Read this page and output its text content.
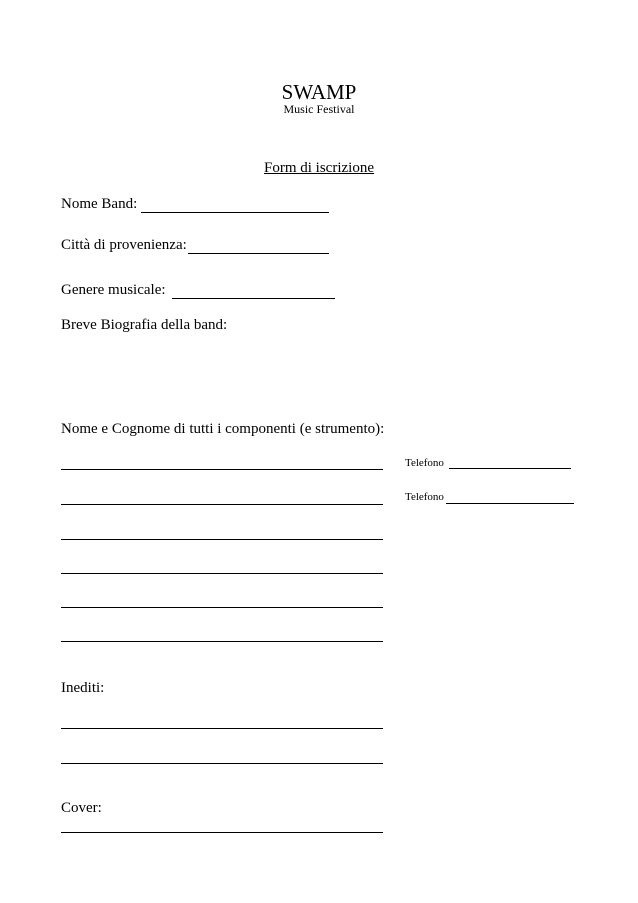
SWAMP
Music Festival
Form di iscrizione
Nome Band:
Città di provenienza:
Genere musicale:
Breve Biografia della band:
Nome e Cognome di tutti i componenti (e strumento):
Telefono
Telefono
Inediti:
Cover:
